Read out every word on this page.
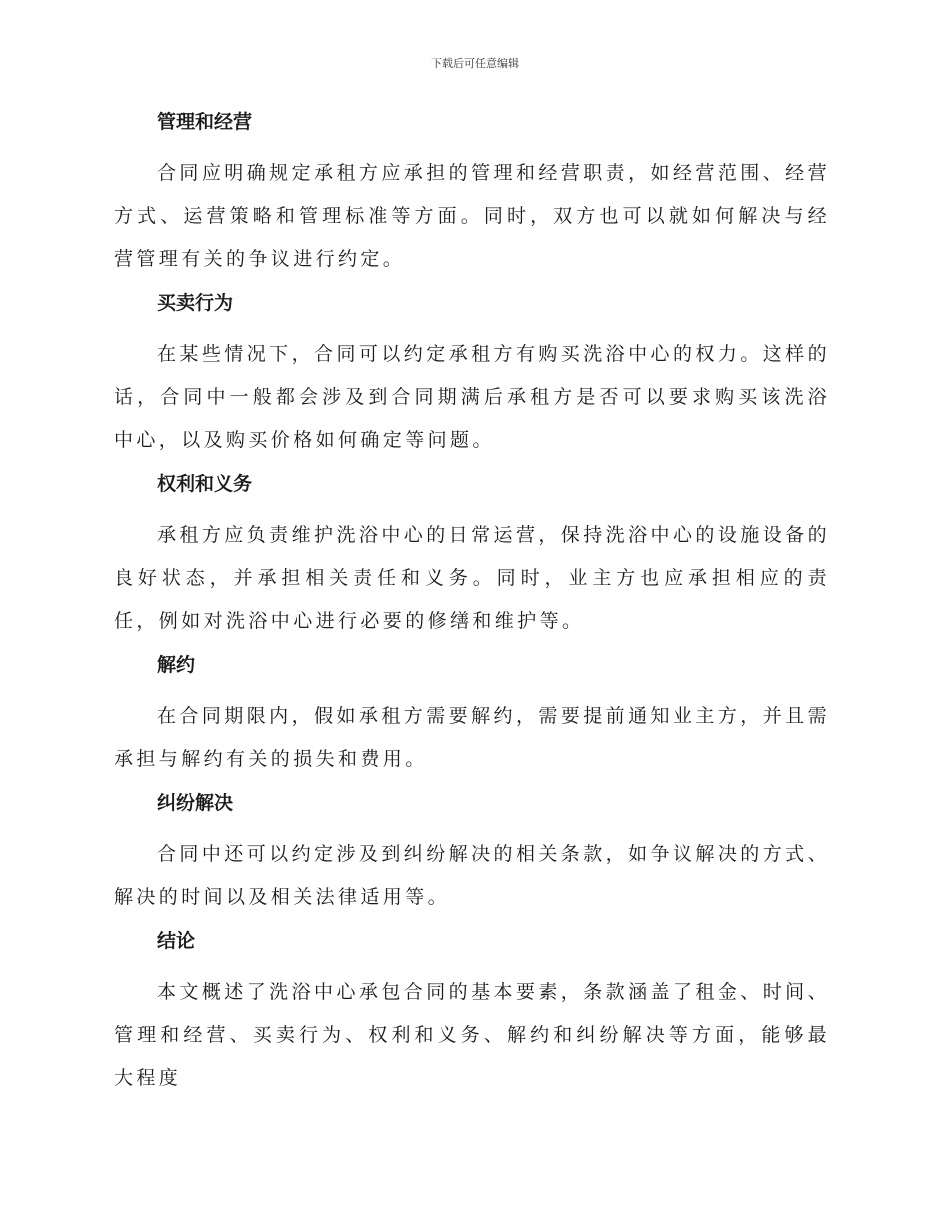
下载后可任意编辑
管理和经营

合同应明确规定承租方应承担的管理和经营职责，如经营范围、经营方式、运营策略和管理标准等方面。同时，双方也可以就如何解决与经营管理有关的争议进行约定。

买卖行为

在某些情况下，合同可以约定承租方有购买洗浴中心的权力。这样的话，合同中一般都会涉及到合同期满后承租方是否可以要求购买该洗浴中心，以及购买价格如何确定等问题。

权利和义务

承租方应负责维护洗浴中心的日常运营，保持洗浴中心的设施设备的良好状态，并承担相关责任和义务。同时，业主方也应承担相应的责任，例如对洗浴中心进行必要的修缮和维护等。

解约

在合同期限内，假如承租方需要解约，需要提前通知业主方，并且需承担与解约有关的损失和费用。

纠纷解决

合同中还可以约定涉及到纠纷解决的相关条款，如争议解决的方式、解决的时间以及相关法律适用等。

结论

本文概述了洗浴中心承包合同的基本要素，条款涵盖了租金、时间、管理和经营、买卖行为、权利和义务、解约和纠纷解决等方面，能够最大程度
